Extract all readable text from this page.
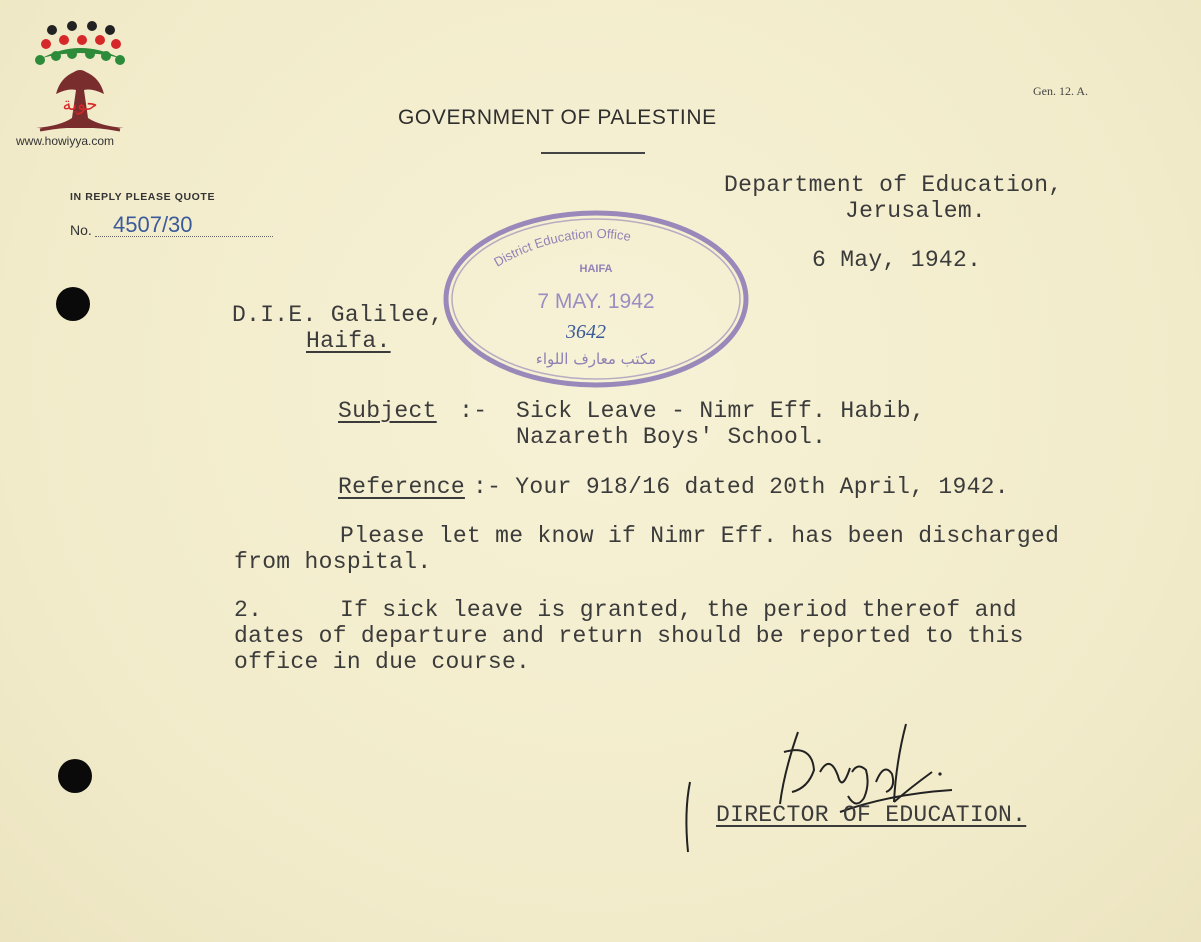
حوية
www.howiyya.com
Gen. 12. A.
GOVERNMENT OF PALESTINE
IN REPLY PLEASE QUOTE
No. 4507/30
Department of Education,
Jerusalem.
6 May, 1942.
D.I.E. Galilee,
Haifa.
District Education Office
HAIFA
7 MAY. 1942
3642
مكتب معارف اللواء
Subject :- Sick Leave - Nimr Eff. Habib,
Nazareth Boys' School.
Reference :- Your 918/16 dated 20th April, 1942.
Please let me know if Nimr Eff. has been discharged
from hospital.
2.	If sick leave is granted, the period thereof and
dates of departure and return should be reported to this
office in due course.
DIRECTOR OF EDUCATION.
